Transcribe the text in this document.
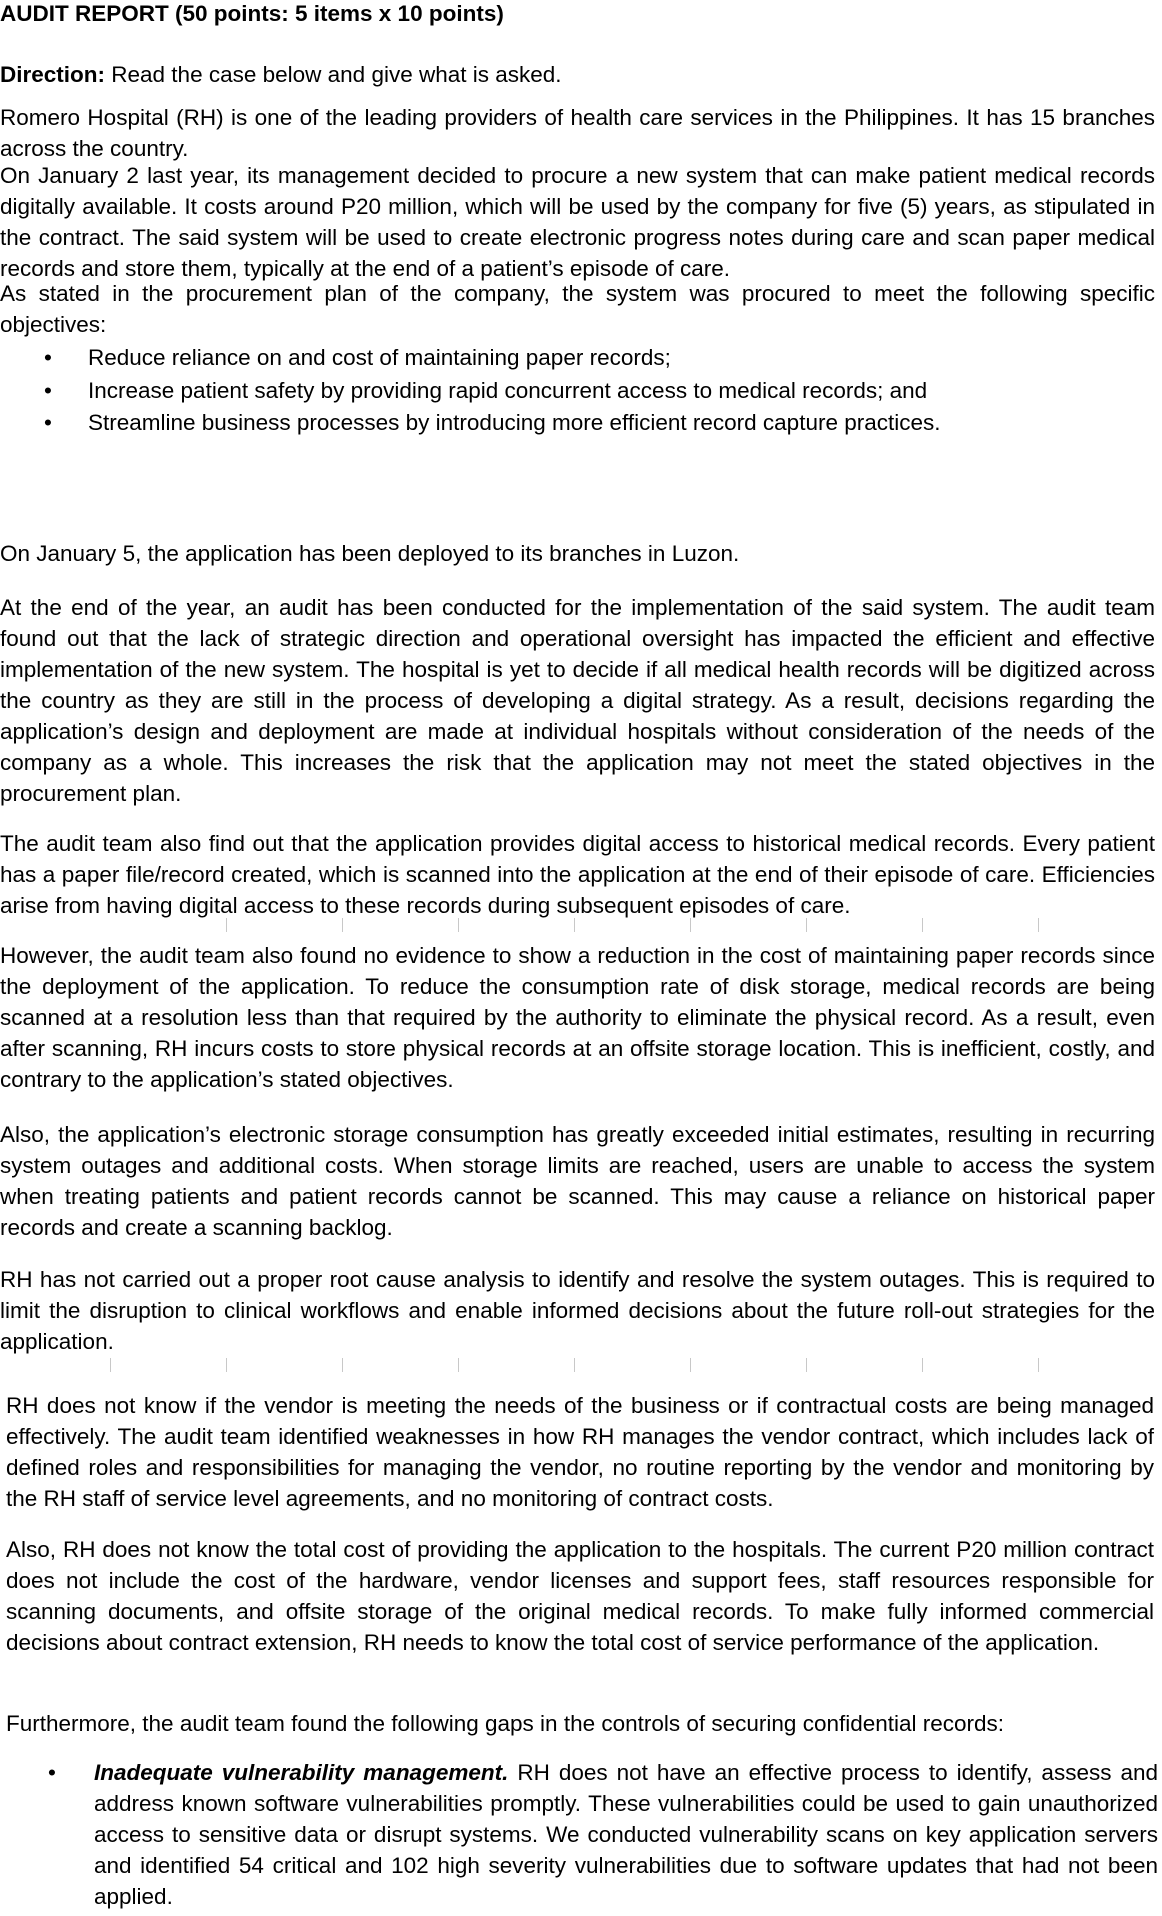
AUDIT REPORT (50 points: 5 items x 10 points)

Direction: Read the case below and give what is asked.

Romero Hospital (RH) is one of the leading providers of health care services in the Philippines. It has 15 branches across the country.

On January 2 last year, its management decided to procure a new system that can make patient medical records digitally available. It costs around P20 million, which will be used by the company for five (5) years, as stipulated in the contract. The said system will be used to create electronic progress notes during care and scan paper medical records and store them, typically at the end of a patient’s episode of care.

As stated in the procurement plan of the company, the system was procured to meet the following specific objectives:

• Reduce reliance on and cost of maintaining paper records;
• Increase patient safety by providing rapid concurrent access to medical records; and
• Streamline business processes by introducing more efficient record capture practices.

On January 5, the application has been deployed to its branches in Luzon.

At the end of the year, an audit has been conducted for the implementation of the said system. The audit team found out that the lack of strategic direction and operational oversight has impacted the efficient and effective implementation of the new system. The hospital is yet to decide if all medical health records will be digitized across the country as they are still in the process of developing a digital strategy. As a result, decisions regarding the application’s design and deployment are made at individual hospitals without consideration of the needs of the company as a whole. This increases the risk that the application may not meet the stated objectives in the procurement plan.

The audit team also find out that the application provides digital access to historical medical records. Every patient has a paper file/record created, which is scanned into the application at the end of their episode of care. Efficiencies arise from having digital access to these records during subsequent episodes of care.

However, the audit team also found no evidence to show a reduction in the cost of maintaining paper records since the deployment of the application. To reduce the consumption rate of disk storage, medical records are being scanned at a resolution less than that required by the authority to eliminate the physical record. As a result, even after scanning, RH incurs costs to store physical records at an offsite storage location. This is inefficient, costly, and contrary to the application’s stated objectives.

Also, the application’s electronic storage consumption has greatly exceeded initial estimates, resulting in recurring system outages and additional costs. When storage limits are reached, users are unable to access the system when treating patients and patient records cannot be scanned. This may cause a reliance on historical paper records and create a scanning backlog.

RH has not carried out a proper root cause analysis to identify and resolve the system outages. This is required to limit the disruption to clinical workflows and enable informed decisions about the future roll-out strategies for the application.

RH does not know if the vendor is meeting the needs of the business or if contractual costs are being managed effectively. The audit team identified weaknesses in how RH manages the vendor contract, which includes lack of defined roles and responsibilities for managing the vendor, no routine reporting by the vendor and monitoring by the RH staff of service level agreements, and no monitoring of contract costs.

Also, RH does not know the total cost of providing the application to the hospitals. The current P20 million contract does not include the cost of the hardware, vendor licenses and support fees, staff resources responsible for scanning documents, and offsite storage of the original medical records. To make fully informed commercial decisions about contract extension, RH needs to know the total cost of service performance of the application.

Furthermore, the audit team found the following gaps in the controls of securing confidential records:

• Inadequate vulnerability management. RH does not have an effective process to identify, assess and address known software vulnerabilities promptly. These vulnerabilities could be used to gain unauthorized access to sensitive data or disrupt systems. We conducted vulnerability scans on key application servers and identified 54 critical and 102 high severity vulnerabilities due to software updates that had not been applied.
